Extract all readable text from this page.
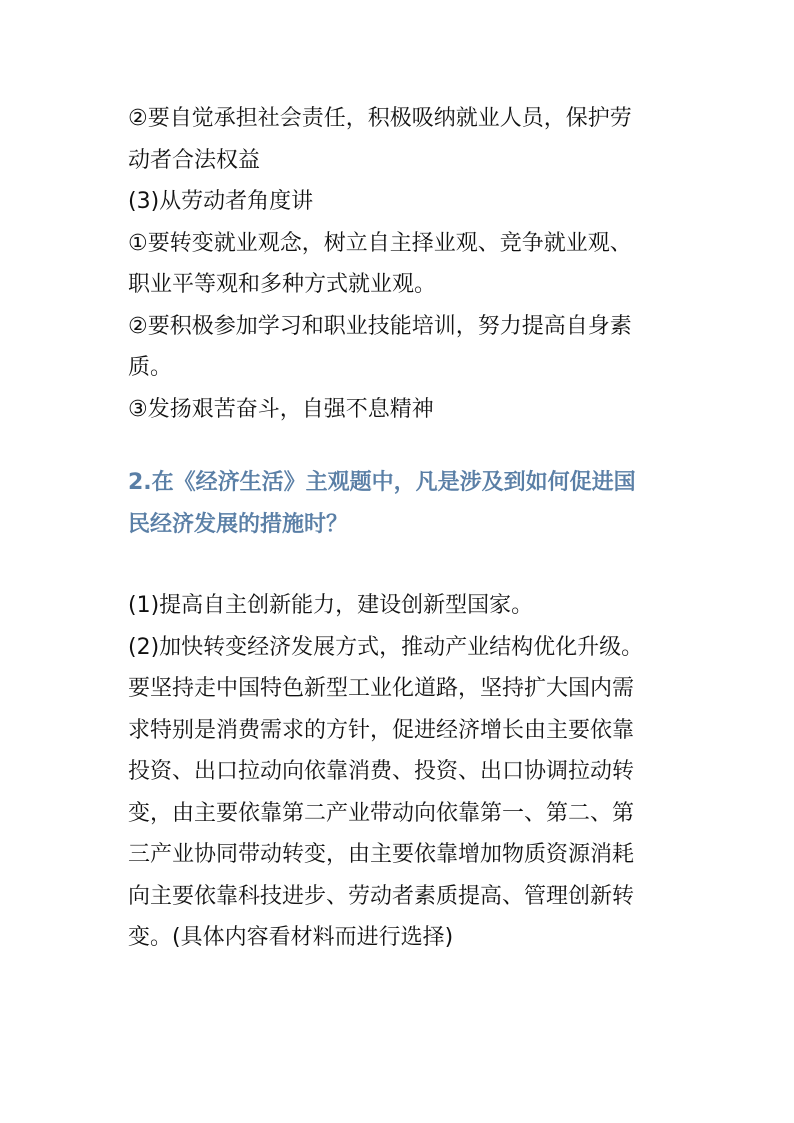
②要自觉承担社会责任，积极吸纳就业人员，保护劳
动者合法权益
(3)从劳动者角度讲
①要转变就业观念，树立自主择业观、竞争就业观、
职业平等观和多种方式就业观。
②要积极参加学习和职业技能培训，努力提高自身素
质。
③发扬艰苦奋斗，自强不息精神
2.在《经济生活》主观题中，凡是涉及到如何促进国
民经济发展的措施时？
(1)提高自主创新能力，建设创新型国家。
(2)加快转变经济发展方式，推动产业结构优化升级。
要坚持走中国特色新型工业化道路，坚持扩大国内需
求特别是消费需求的方针，促进经济增长由主要依靠
投资、出口拉动向依靠消费、投资、出口协调拉动转
变，由主要依靠第二产业带动向依靠第一、第二、第
三产业协同带动转变，由主要依靠增加物质资源消耗
向主要依靠科技进步、劳动者素质提高、管理创新转
变。(具体内容看材料而进行选择)
